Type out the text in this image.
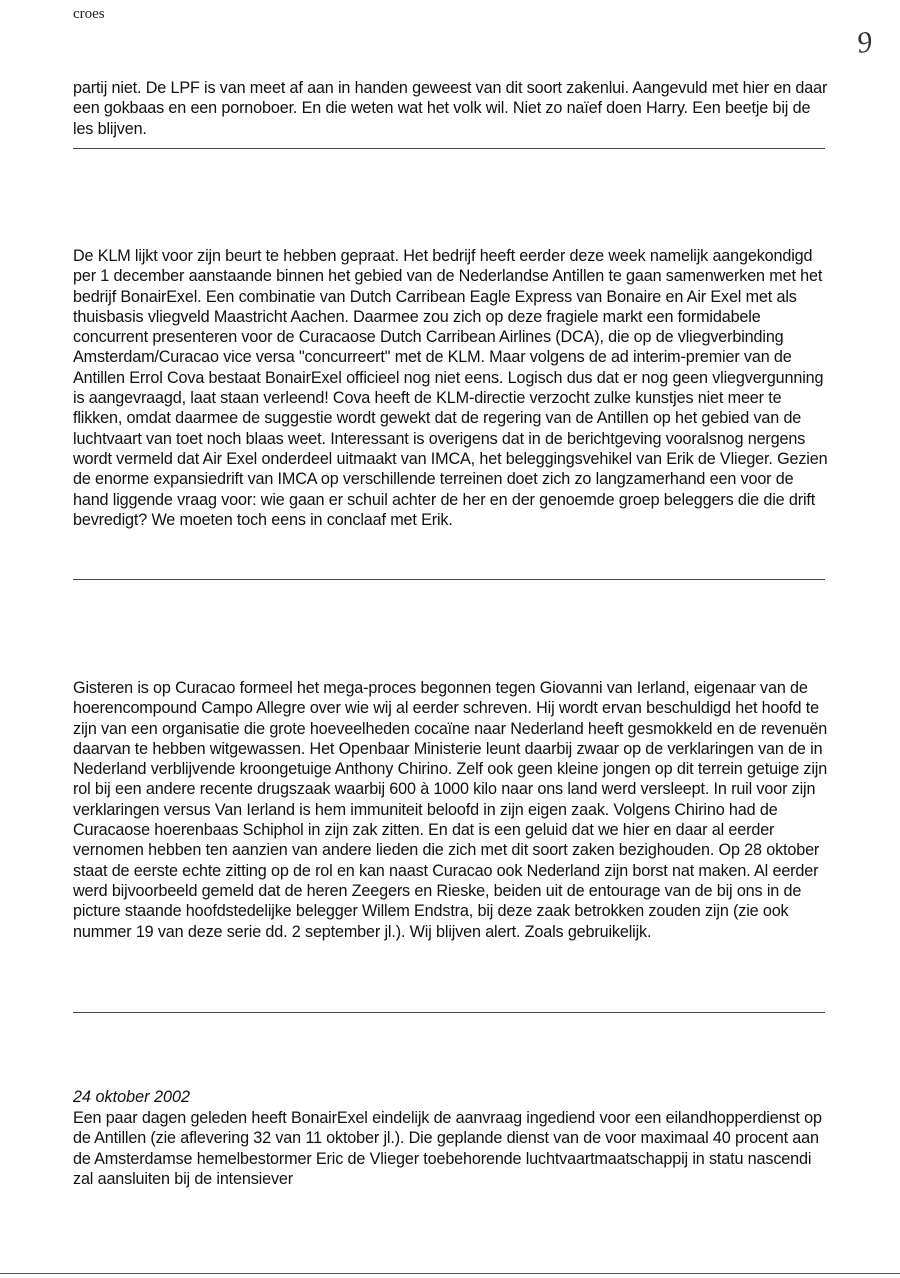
croes
9

partij niet. De LPF is van meet af aan in handen geweest van dit soort zakenlui. Aangevuld met hier en daar een gokbaas en een pornoboer. En die weten wat het volk wil. Niet zo naïef doen Harry. Een beetje bij de les blijven.

De KLM lijkt voor zijn beurt te hebben gepraat. Het bedrijf heeft eerder deze week namelijk aangekondigd per 1 december aanstaande binnen het gebied van de Nederlandse Antillen te gaan samenwerken met het bedrijf BonairExel. Een combinatie van Dutch Carribean Eagle Express van Bonaire en Air Exel met als thuisbasis vliegveld Maastricht Aachen. Daarmee zou zich op deze fragiele markt een formidabele concurrent presenteren voor de Curacaose Dutch Carribean Airlines (DCA), die op de vliegverbinding Amsterdam/Curacao vice versa "concurreert" met de KLM. Maar volgens de ad interim-premier van de Antillen Errol Cova bestaat BonairExel officieel nog niet eens. Logisch dus dat er nog geen vliegvergunning is aangevraagd, laat staan verleend! Cova heeft de KLM-directie verzocht zulke kunstjes niet meer te flikken, omdat daarmee de suggestie wordt gewekt dat de regering van de Antillen op het gebied van de luchtvaart van toet noch blaas weet. Interessant is overigens dat in de berichtgeving vooralsnog nergens wordt vermeld dat Air Exel onderdeel uitmaakt van IMCA, het beleggingsvehikel van Erik de Vlieger. Gezien de enorme expansiedrift van IMCA op verschillende terreinen doet zich zo langzamerhand een voor de hand liggende vraag voor: wie gaan er schuil achter de her en der genoemde groep beleggers die die drift bevredigt? We moeten toch eens in conclaaf met Erik.

Gisteren is op Curacao formeel het mega-proces begonnen tegen Giovanni van Ierland, eigenaar van de hoerencompound Campo Allegre over wie wij al eerder schreven. Hij wordt ervan beschuldigd het hoofd te zijn van een organisatie die grote hoeveelheden cocaïne naar Nederland heeft gesmokkeld en de revenuën daarvan te hebben witgewassen. Het Openbaar Ministerie leunt daarbij zwaar op de verklaringen van de in Nederland verblijvende kroongetuige Anthony Chirino. Zelf ook geen kleine jongen op dit terrein getuige zijn rol bij een andere recente drugszaak waarbij 600 à 1000 kilo naar ons land werd versleept. In ruil voor zijn verklaringen versus Van Ierland is hem immuniteit beloofd in zijn eigen zaak. Volgens Chirino had de Curacaose hoerenbaas Schiphol in zijn zak zitten. En dat is een geluid dat we hier en daar al eerder vernomen hebben ten aanzien van andere lieden die zich met dit soort zaken bezighouden. Op 28 oktober staat de eerste echte zitting op de rol en kan naast Curacao ook Nederland zijn borst nat maken. Al eerder werd bijvoorbeeld gemeld dat de heren Zeegers en Rieske, beiden uit de entourage van de bij ons in de picture staande hoofdstedelijke belegger Willem Endstra, bij deze zaak betrokken zouden zijn (zie ook nummer 19 van deze serie dd. 2 september jl.). Wij blijven alert. Zoals gebruikelijk.

24 oktober 2002

Een paar dagen geleden heeft BonairExel eindelijk de aanvraag ingediend voor een eilandhopperdienst op de Antillen (zie aflevering 32 van 11 oktober jl.). Die geplande dienst van de voor maximaal 40 procent aan de Amsterdamse hemelbestormer Eric de Vlieger toebehorende luchtvaartmaatschappij in statu nascendi zal aansluiten bij de intensiever
